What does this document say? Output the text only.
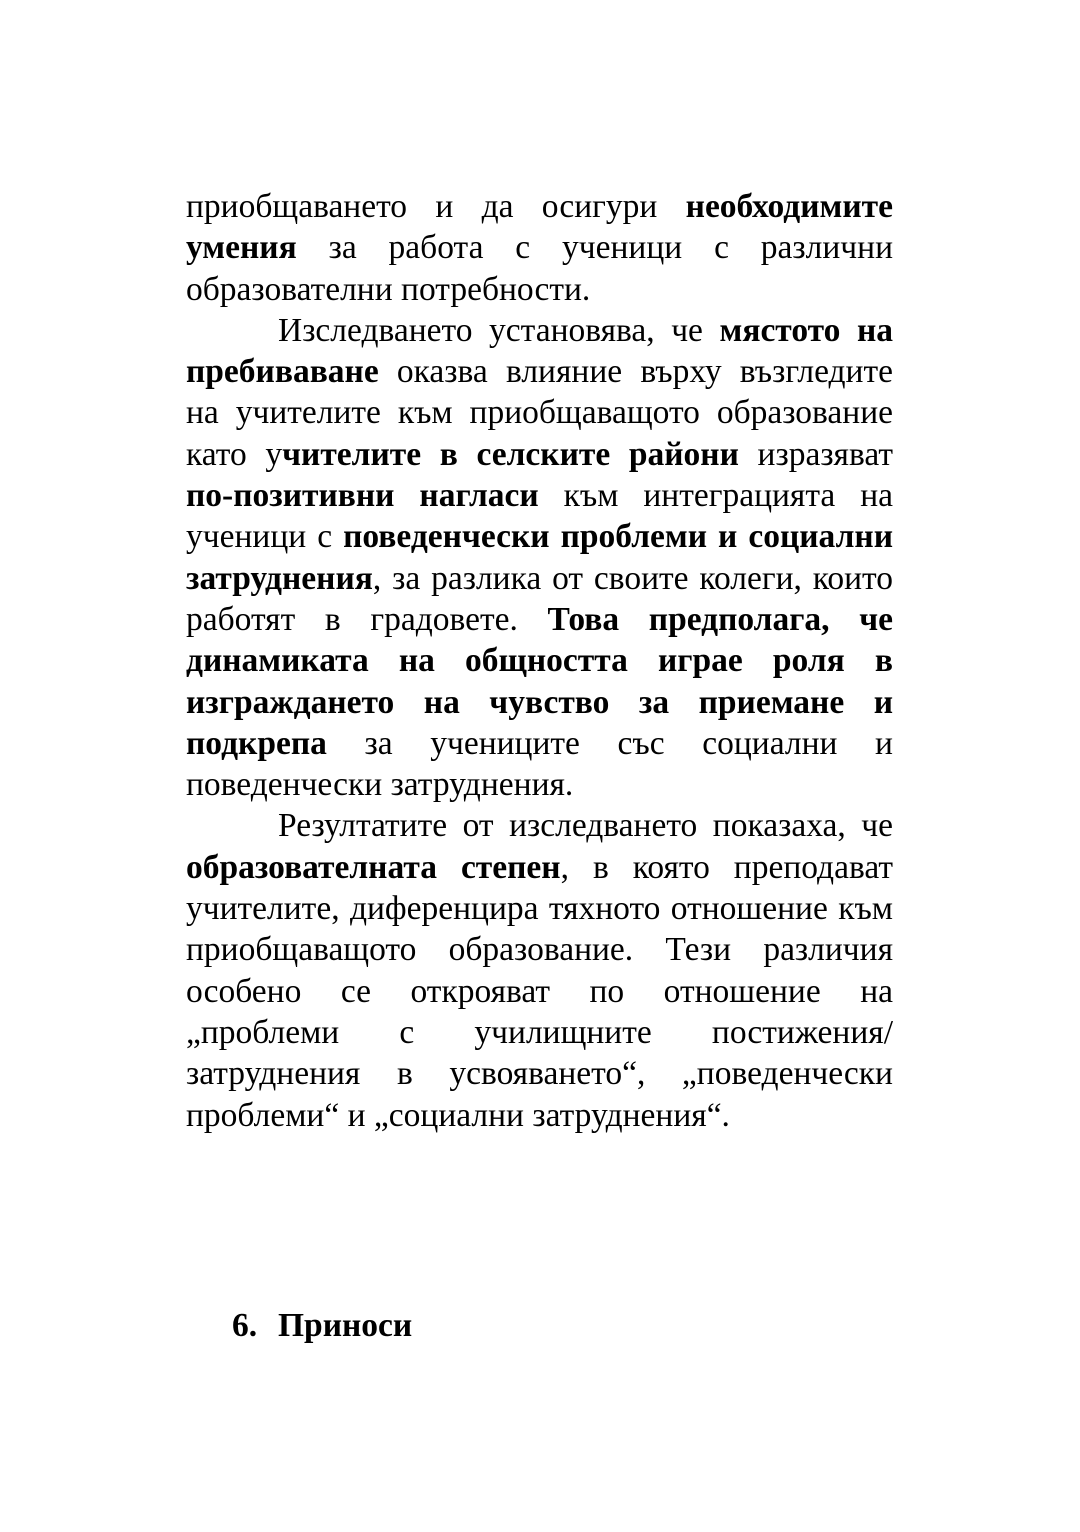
приобщаването и да осигури необходимите умения за работа с ученици с различни образователни потребности.

Изследването установява, че мястото на пребиваване оказва влияние върху възгледите на учителите към приобщаващото образование като учителите в селските райони изразяват по-позитивни нагласи към интеграцията на ученици с поведенчески проблеми и социални затруднения, за разлика от своите колеги, които работят в градовете. Това предполага, че динамиката на общността играе роля в изграждането на чувство за приемане и подкрепа за учениците със социални и поведенчески затруднения.

Резултатите от изследването показаха, че образователната степен, в която преподават учителите, диференцира тяхното отношение към приобщаващото образование. Тези различия особено се открояват по отношение на „проблеми с училищните постижения/затруднения в усвояването“, „поведенчески проблеми“ и „социални затруднения“.

6. Приноси
